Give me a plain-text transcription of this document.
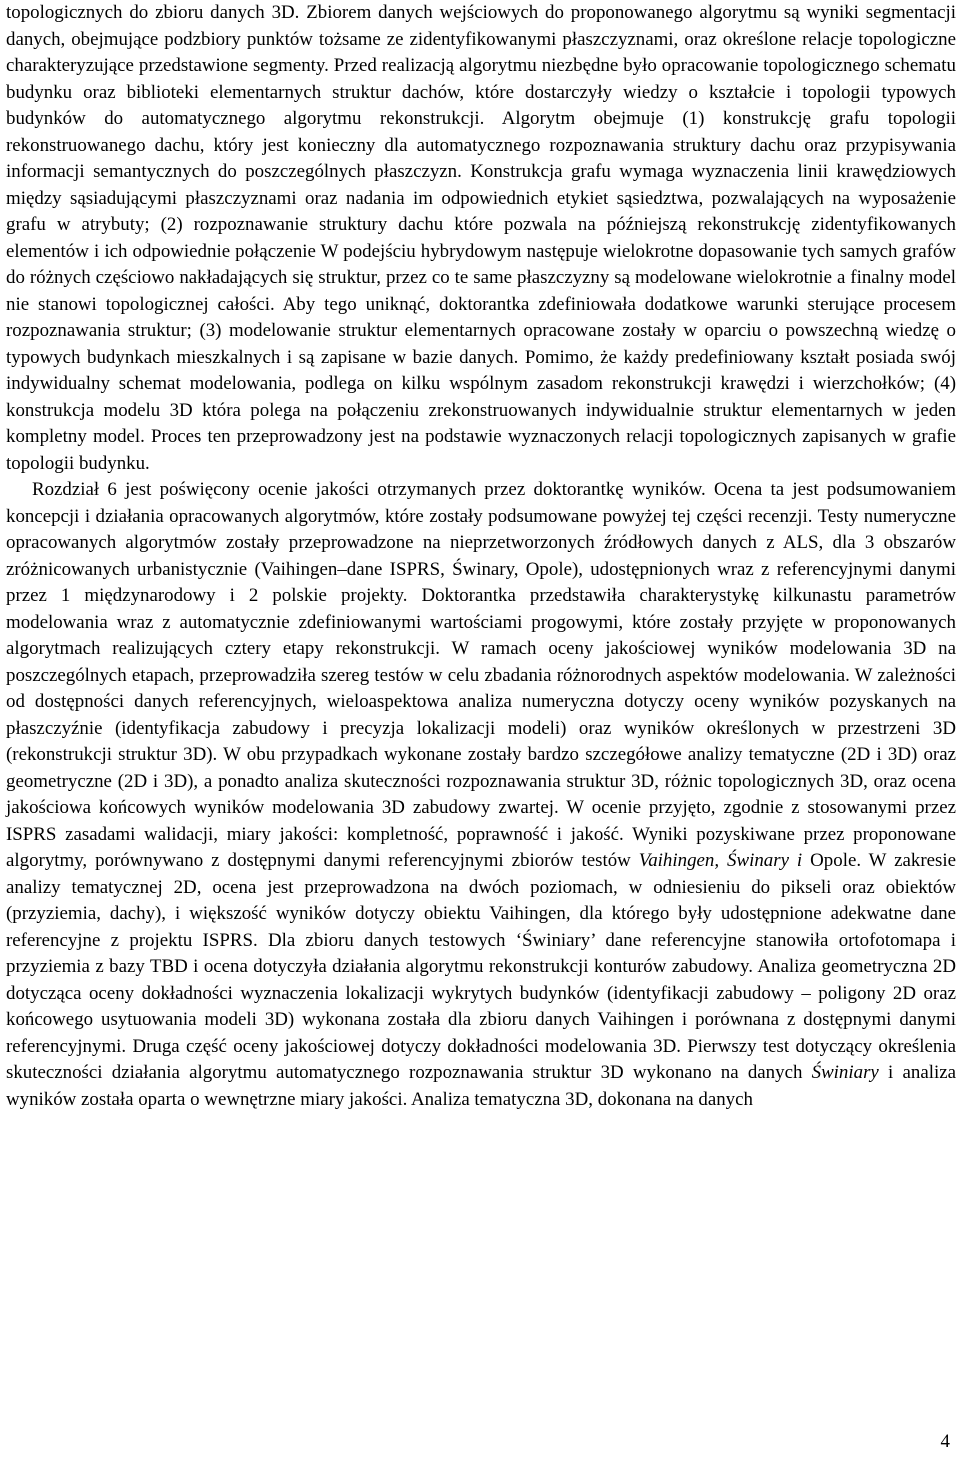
topologicznych do zbioru danych 3D. Zbiorem danych wejściowych do proponowanego algorytmu są wyniki segmentacji danych, obejmujące podzbiory punktów tożsame ze zidentyfikowanymi płaszczyznami, oraz określone relacje topologiczne charakteryzujące przedstawione segmenty. Przed realizacją algorytmu niezbędne było opracowanie topologicznego schematu budynku oraz biblioteki elementarnych struktur dachów, które dostarczyły wiedzy o kształcie i topologii typowych budynków do automatycznego algorytmu rekonstrukcji. Algorytm obejmuje (1) konstrukcję grafu topologii rekonstruowanego dachu, który jest konieczny dla automatycznego rozpoznawania struktury dachu oraz przypisywania informacji semantycznych do poszczególnych płaszczyzn. Konstrukcja grafu wymaga wyznaczenia linii krawędziowych między sąsiadującymi płaszczyznami oraz nadania im odpowiednich etykiet sąsiedztwa, pozwalających na wyposażenie grafu w atrybuty; (2) rozpoznawanie struktury dachu które pozwala na późniejszą rekonstrukcję zidentyfikowanych elementów i ich odpowiednie połączenie W podejściu hybrydowym następuje wielokrotne dopasowanie tych samych grafów do różnych częściowo nakładających się struktur, przez co te same płaszczyzny są modelowane wielokrotnie a finalny model nie stanowi topologicznej całości. Aby tego uniknąć, doktorantka zdefiniowała dodatkowe warunki sterujące procesem rozpoznawania struktur; (3) modelowanie struktur elementarnych opracowane zostały w oparciu o powszechną wiedzę o typowych budynkach mieszkalnych i są zapisane w bazie danych. Pomimo, że każdy predefiniowany kształt posiada swój indywidualny schemat modelowania, podlega on kilku wspólnym zasadom rekonstrukcji krawędzi i wierzchołków; (4) konstrukcja modelu 3D która polega na połączeniu zrekonstruowanych indywidualnie struktur elementarnych w jeden kompletny model. Proces ten przeprowadzony jest na podstawie wyznaczonych relacji topologicznych zapisanych w grafie topologii budynku.

Rozdział 6 jest poświęcony ocenie jakości otrzymanych przez doktorantkę wyników. Ocena ta jest podsumowaniem koncepcji i działania opracowanych algorytmów, które zostały podsumowane powyżej tej części recenzji. Testy numeryczne opracowanych algorytmów zostały przeprowadzone na nieprzetworzonych źródłowych danych z ALS, dla 3 obszarów zróżnicowanych urbanistycznie (Vaihingen–dane ISPRS, Świnary, Opole), udostępnionych wraz z referencyjnymi danymi przez 1 międzynarodowy i 2 polskie projekty. Doktorantka przedstawiła charakterystykę kilkunastu parametrów modelowania wraz z automatycznie zdefiniowanymi wartościami progowymi, które zostały przyjęte w proponowanych algorytmach realizujących cztery etapy rekonstrukcji. W ramach oceny jakościowej wyników modelowania 3D na poszczególnych etapach, przeprowadziła szereg testów w celu zbadania różnorodnych aspektów modelowania. W zależności od dostępności danych referencyjnych, wieloaspektowa analiza numeryczna dotyczy oceny wyników pozyskanych na płaszczyźnie (identyfikacja zabudowy i precyzja lokalizacji modeli) oraz wyników określonych w przestrzeni 3D (rekonstrukcji struktur 3D). W obu przypadkach wykonane zostały bardzo szczegółowe analizy tematyczne (2D i 3D) oraz geometryczne (2D i 3D), a ponadto analiza skuteczności rozpoznawania struktur 3D, różnic topologicznych 3D, oraz ocena jakościowa końcowych wyników modelowania 3D zabudowy zwartej. W ocenie przyjęto, zgodnie z stosowanymi przez ISPRS zasadami walidacji, miary jakości: kompletność, poprawność i jakość. Wyniki pozyskiwane przez proponowane algorytmy, porównywano z dostępnymi danymi referencyjnymi zbiorów testów Vaihingen, Świnary i Opole. W zakresie analizy tematycznej 2D, ocena jest przeprowadzona na dwóch poziomach, w odniesieniu do pikseli oraz obiektów (przyziemia, dachy), i większość wyników dotyczy obiektu Vaihingen, dla którego były udostępnione adekwatne dane referencyjne z projektu ISPRS. Dla zbioru danych testowych ‘Świniary’ dane referencyjne stanowiła ortofotomapa i przyziemia z bazy TBD i ocena dotyczyła działania algorytmu rekonstrukcji konturów zabudowy. Analiza geometryczna 2D dotycząca oceny dokładności wyznaczenia lokalizacji wykrytych budynków (identyfikacji zabudowy – poligony 2D oraz końcowego usytuowania modeli 3D) wykonana została dla zbioru danych Vaihingen i porównana z dostępnymi danymi referencyjnymi. Druga część oceny jakościowej dotyczy dokładności modelowania 3D. Pierwszy test dotyczący określenia skuteczności działania algorytmu automatycznego rozpoznawania struktur 3D wykonano na danych Świniary i analiza wyników została oparta o wewnętrzne miary jakości. Analiza tematyczna 3D, dokonana na danych

4
